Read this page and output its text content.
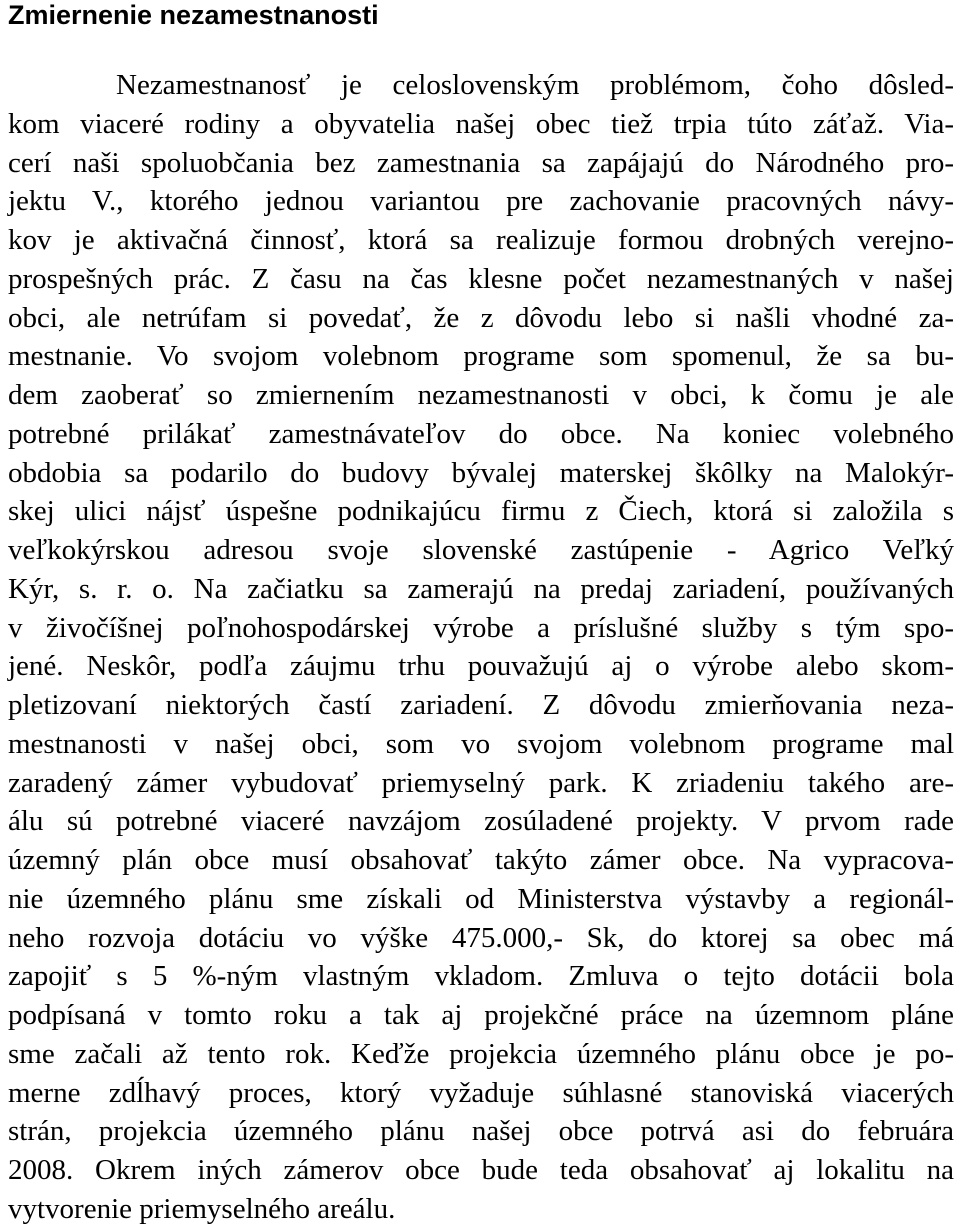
Zmiernenie nezamestnanosti
Nezamestnanosť je celoslovenským problémom, čoho dôsled-
kom viaceré rodiny a obyvatelia našej obec tiež trpia túto záťaž. Via-
cerí naši spoluobčania bez zamestnania sa zapájajú do Národného pro-
jektu V., ktorého jednou variantou pre zachovanie pracovných návy-
kov je aktivačná činnosť, ktorá sa realizuje formou drobných verejno-
prospešných prác. Z času na čas klesne počet nezamestnaných v našej
obci, ale netrúfam si povedať, že z dôvodu lebo si našli vhodné za-
mestnanie. Vo svojom volebnom programe som spomenul, že sa bu-
dem zaoberať so zmiernením nezamestnanosti v obci, k čomu je ale
potrebné prilákať zamestnávateľov do obce. Na koniec volebného
obdobia sa podarilo do budovy bývalej materskej škôlky na Malokýr-
skej ulici nájsť úspešne podnikajúcu firmu z Čiech, ktorá si založila s
veľkokýrskou adresou svoje slovenské zastúpenie - Agrico Veľký
Kýr, s. r. o. Na začiatku sa zamerajú na predaj zariadení, používaných
v živočíšnej poľnohospodárskej výrobe a príslušné služby s tým spo-
jené. Neskôr, podľa záujmu trhu pouvažujú aj o výrobe alebo skom-
pletizovaní niektorých častí zariadení. Z dôvodu zmierňovania neza-
mestnanosti v našej obci, som vo svojom volebnom programe mal
zaradený zámer vybudovať priemyselný park. K zriadeniu takého are-
álu sú potrebné viaceré navzájom zosúladené projekty. V prvom rade
územný plán obce musí obsahovať takýto zámer obce. Na vypracova-
nie územného plánu sme získali od Ministerstva výstavby a regionál-
neho rozvoja dotáciu vo výške 475.000,- Sk, do ktorej sa obec má
zapojiť s 5 %-ným vlastným vkladom. Zmluva o tejto dotácii bola
podpísaná v tomto roku a tak aj projekčné práce na územnom pláne
sme začali až tento rok. Keďže projekcia územného plánu obce je po-
merne zdĺhavý proces, ktorý vyžaduje súhlasné stanoviská viacerých
strán, projekcia územného plánu našej obce potrvá asi do februára
2008. Okrem iných zámerov obce bude teda obsahovať aj lokalitu na
vytvorenie priemyselného areálu.
